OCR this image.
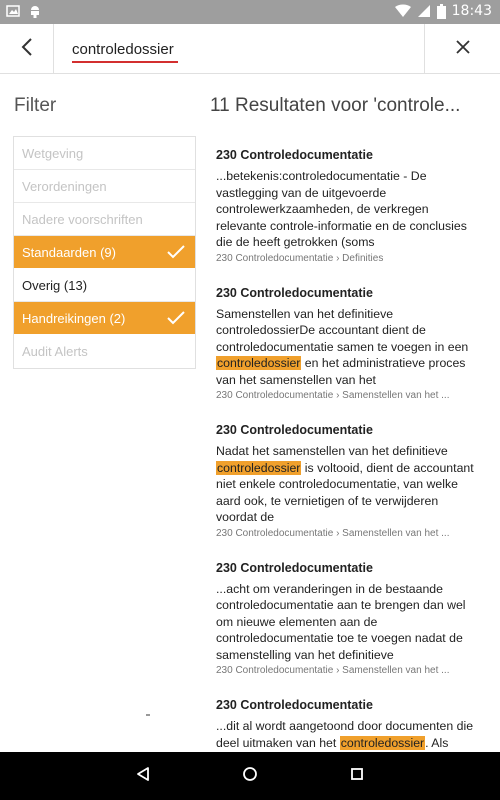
18:43
controledossier
Filter
Wetgeving
Verordeningen
Nadere voorschriften
Standaarden (9)
Overig (13)
Handreikingen (2)
Audit Alerts
11 Resultaten voor 'controle...
230 Controledocumentatie
...betekenis:controledocumentatie - De vastlegging van de uitgevoerde controlewerkzaamheden, de verkregen relevante controle-informatie en de conclusies die de heeft getrokken (soms
230 Controledocumentatie › Definities
230 Controledocumentatie
Samenstellen van het definitieve controledossierDe accountant dient de controledocumentatie samen te voegen in een controledossier en het administratieve proces van het samenstellen van het
230 Controledocumentatie › Samenstellen van het ...
230 Controledocumentatie
Nadat het samenstellen van het definitieve controledossier is voltooid, dient de accountant niet enkele controledocumentatie, van welke aard ook, te vernietigen of te verwijderen voordat de
230 Controledocumentatie › Samenstellen van het ...
230 Controledocumentatie
...acht om veranderingen in de bestaande controledocumentatie aan te brengen dan wel om nieuwe elementen aan de controledocumentatie toe te voegen nadat de samenstelling van het definitieve
230 Controledocumentatie › Samenstellen van het ...
230 Controledocumentatie
...dit al wordt aangetoond door documenten die deel uitmaken van het controledossier. Als
